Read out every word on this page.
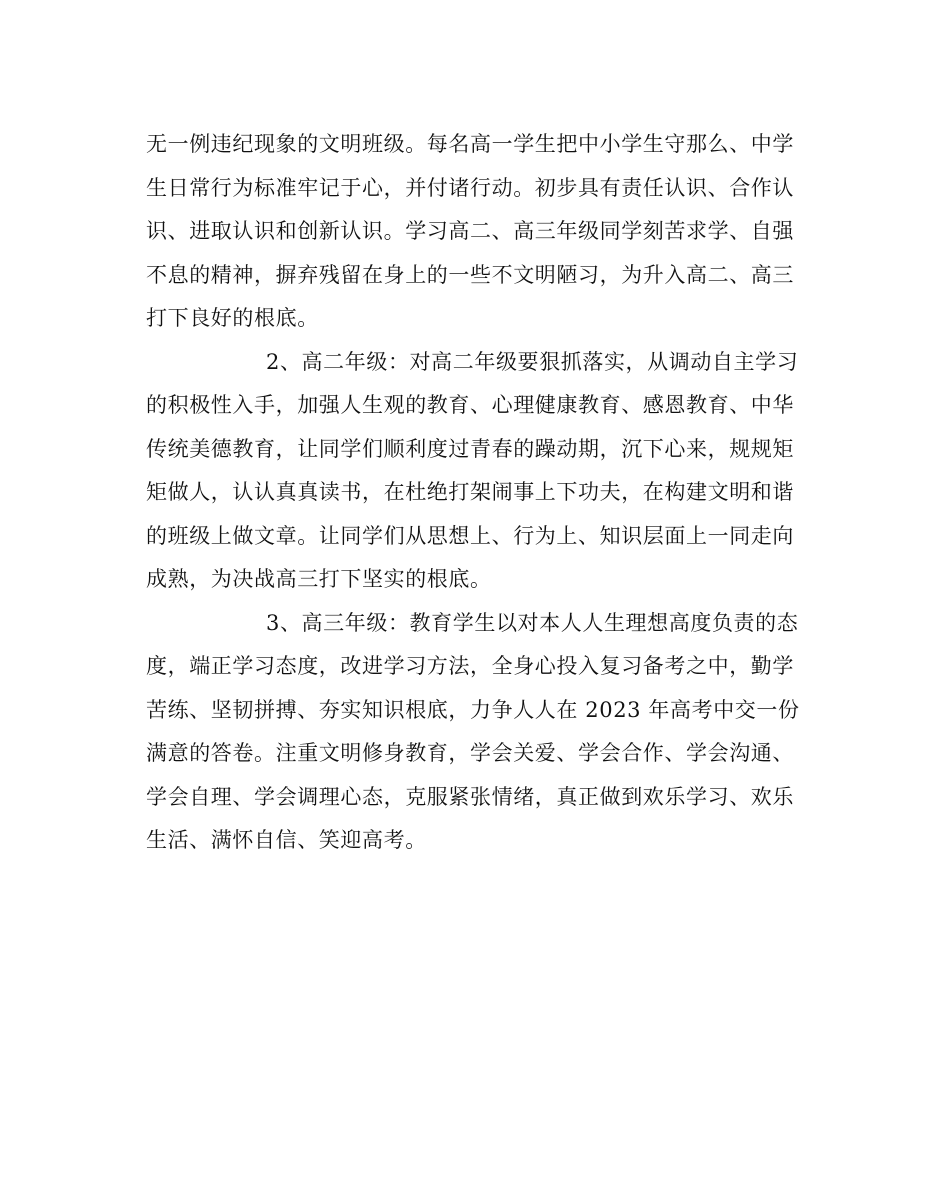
无一例违纪现象的文明班级。每名高一学生把中小学生守那么、中学
生日常行为标准牢记于心，并付诸行动。初步具有责任认识、合作认
识、进取认识和创新认识。学习高二、高三年级同学刻苦求学、自强
不息的精神，摒弃残留在身上的一些不文明陋习，为升入高二、高三
打下良好的根底。
2、高二年级：对高二年级要狠抓落实，从调动自主学习
的积极性入手，加强人生观的教育、心理健康教育、感恩教育、中华
传统美德教育，让同学们顺利度过青春的躁动期，沉下心来，规规矩
矩做人，认认真真读书，在杜绝打架闹事上下功夫，在构建文明和谐
的班级上做文章。让同学们从思想上、行为上、知识层面上一同走向
成熟，为决战高三打下坚实的根底。
3、高三年级：教育学生以对本人人生理想高度负责的态
度，端正学习态度，改进学习方法，全身心投入复习备考之中，勤学
苦练、坚韧拼搏、夯实知识根底，力争人人在 2023 年高考中交一份
满意的答卷。注重文明修身教育，学会关爱、学会合作、学会沟通、
学会自理、学会调理心态，克服紧张情绪，真正做到欢乐学习、欢乐
生活、满怀自信、笑迎高考。
